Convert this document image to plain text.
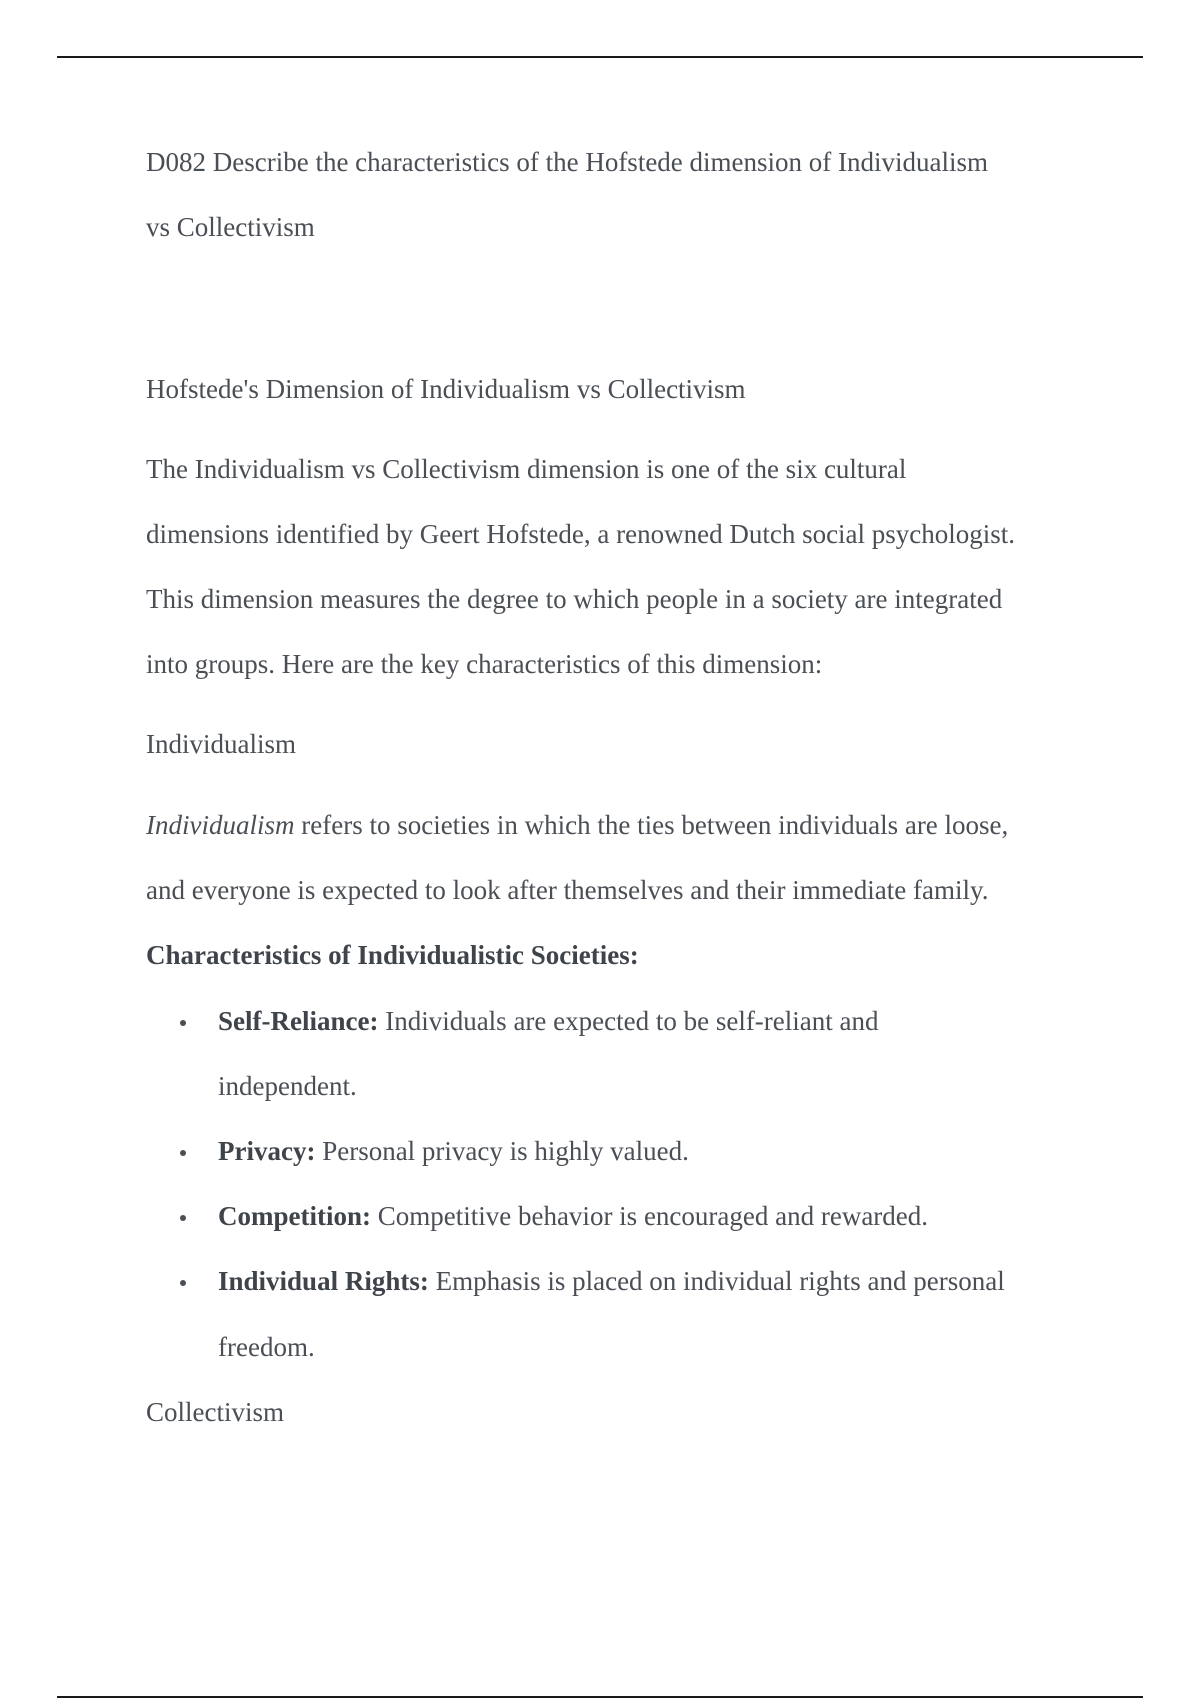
D082 Describe the characteristics of the Hofstede dimension of Individualism
vs Collectivism
Hofstede's Dimension of Individualism vs Collectivism
The Individualism vs Collectivism dimension is one of the six cultural
dimensions identified by Geert Hofstede, a renowned Dutch social psychologist.
This dimension measures the degree to which people in a society are integrated
into groups. Here are the key characteristics of this dimension:
Individualism
Individualism refers to societies in which the ties between individuals are loose,
and everyone is expected to look after themselves and their immediate family.
Characteristics of Individualistic Societies:
Self-Reliance: Individuals are expected to be self-reliant and
independent.
Privacy: Personal privacy is highly valued.
Competition: Competitive behavior is encouraged and rewarded.
Individual Rights: Emphasis is placed on individual rights and personal
freedom.
Collectivism
